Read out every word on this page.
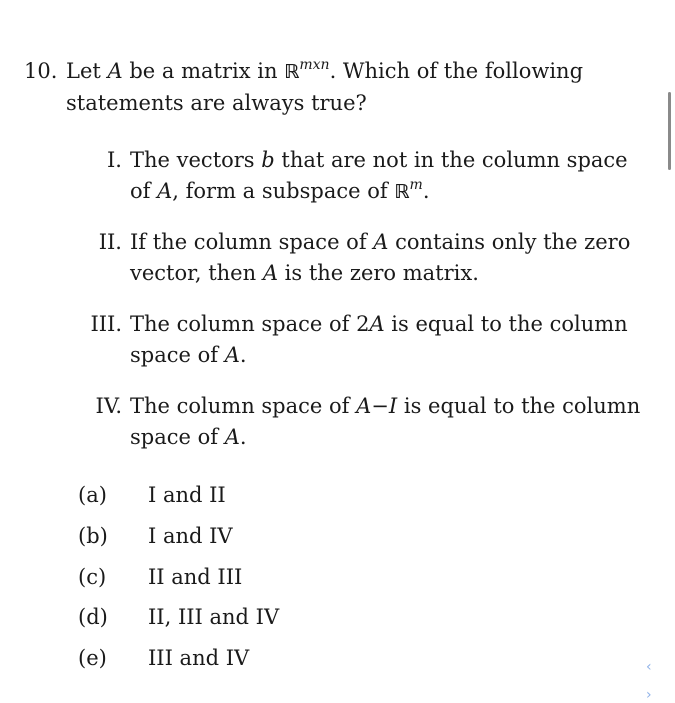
10. Let A be a matrix in ℝ$^{mxn}$. Which of the following
statements are always true?
I. The vectors b that are not in the column space
of A, form a subspace of ℝ$^m$.
II. If the column space of A contains only the zero
vector, then A is the zero matrix.
III. The column space of 2A is equal to the column
space of A.
IV. The column space of A−I is equal to the column
space of A.
(a) I and II
(b) I and IV
(c) II and III
(d) II, III and IV
(e) III and IV	‹
›
